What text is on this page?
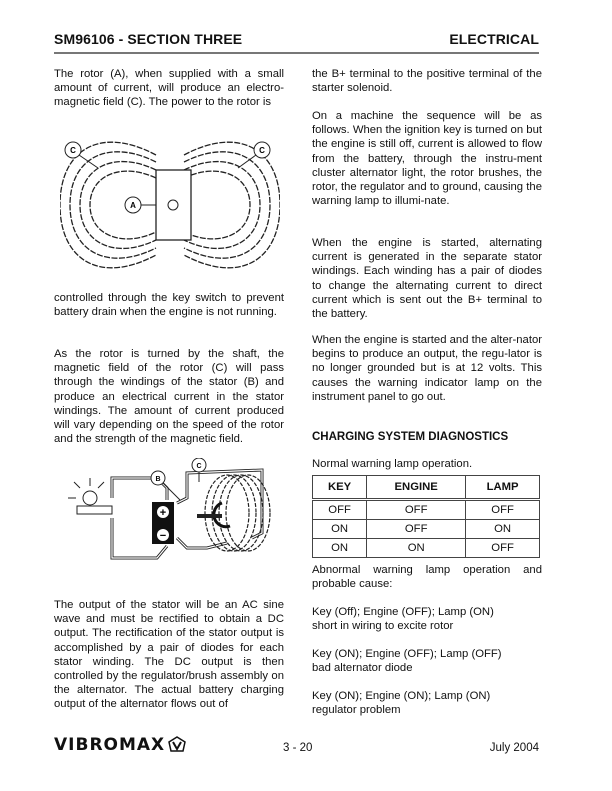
SM96106 - SECTION THREE	ELECTRICAL

The rotor (A), when supplied with a small amount of current, will produce an electro-magnetic field (C). The power to the rotor is

C	C
A

controlled through the key switch to prevent battery drain when the engine is not running.

As the rotor is turned by the shaft, the magnetic field of the rotor (C) will pass through the windings of the stator (B) and produce an electrical current in the stator windings. The amount of current produced will vary depending on the speed of the rotor and the strength of the magnetic field.

+
−
B
C

The output of the stator will be an AC sine wave and must be rectified to obtain a DC output. The rectification of the stator output is accomplished by a pair of diodes for each stator winding. The DC output is then controlled by the regulator/brush assembly on the alternator. The actual battery charging output of the alternator flows out of

the B+ terminal to the positive terminal of the starter solenoid.

On a machine the sequence will be as follows. When the ignition key is turned on but the engine is still off, current is allowed to flow from the battery, through the instru-ment cluster alternator light, the rotor brushes, the rotor, the regulator and to ground, causing the warning lamp to illumi-nate.

When the engine is started, alternating current is generated in the separate stator windings. Each winding has a pair of diodes to change the alternating current to direct current which is sent out the B+ terminal to the battery.

When the engine is started and the alter-nator begins to produce an output, the regu-lator is no longer grounded but is at 12 volts. This causes the warning indicator lamp on the instrument panel to go out.

CHARGING SYSTEM DIAGNOSTICS

Normal warning lamp operation.

KEY	ENGINE	LAMP
OFF	OFF	OFF
ON	OFF	ON
ON	ON	OFF

Abnormal warning lamp operation and probable cause:

Key (Off); Engine (OFF); Lamp (ON)

short in wiring to excite rotor

Key (ON); Engine (OFF); Lamp (OFF)

bad alternator diode

Key (ON); Engine (ON); Lamp (ON)

regulator problem

VIBROMAX	3 - 20	July 2004
